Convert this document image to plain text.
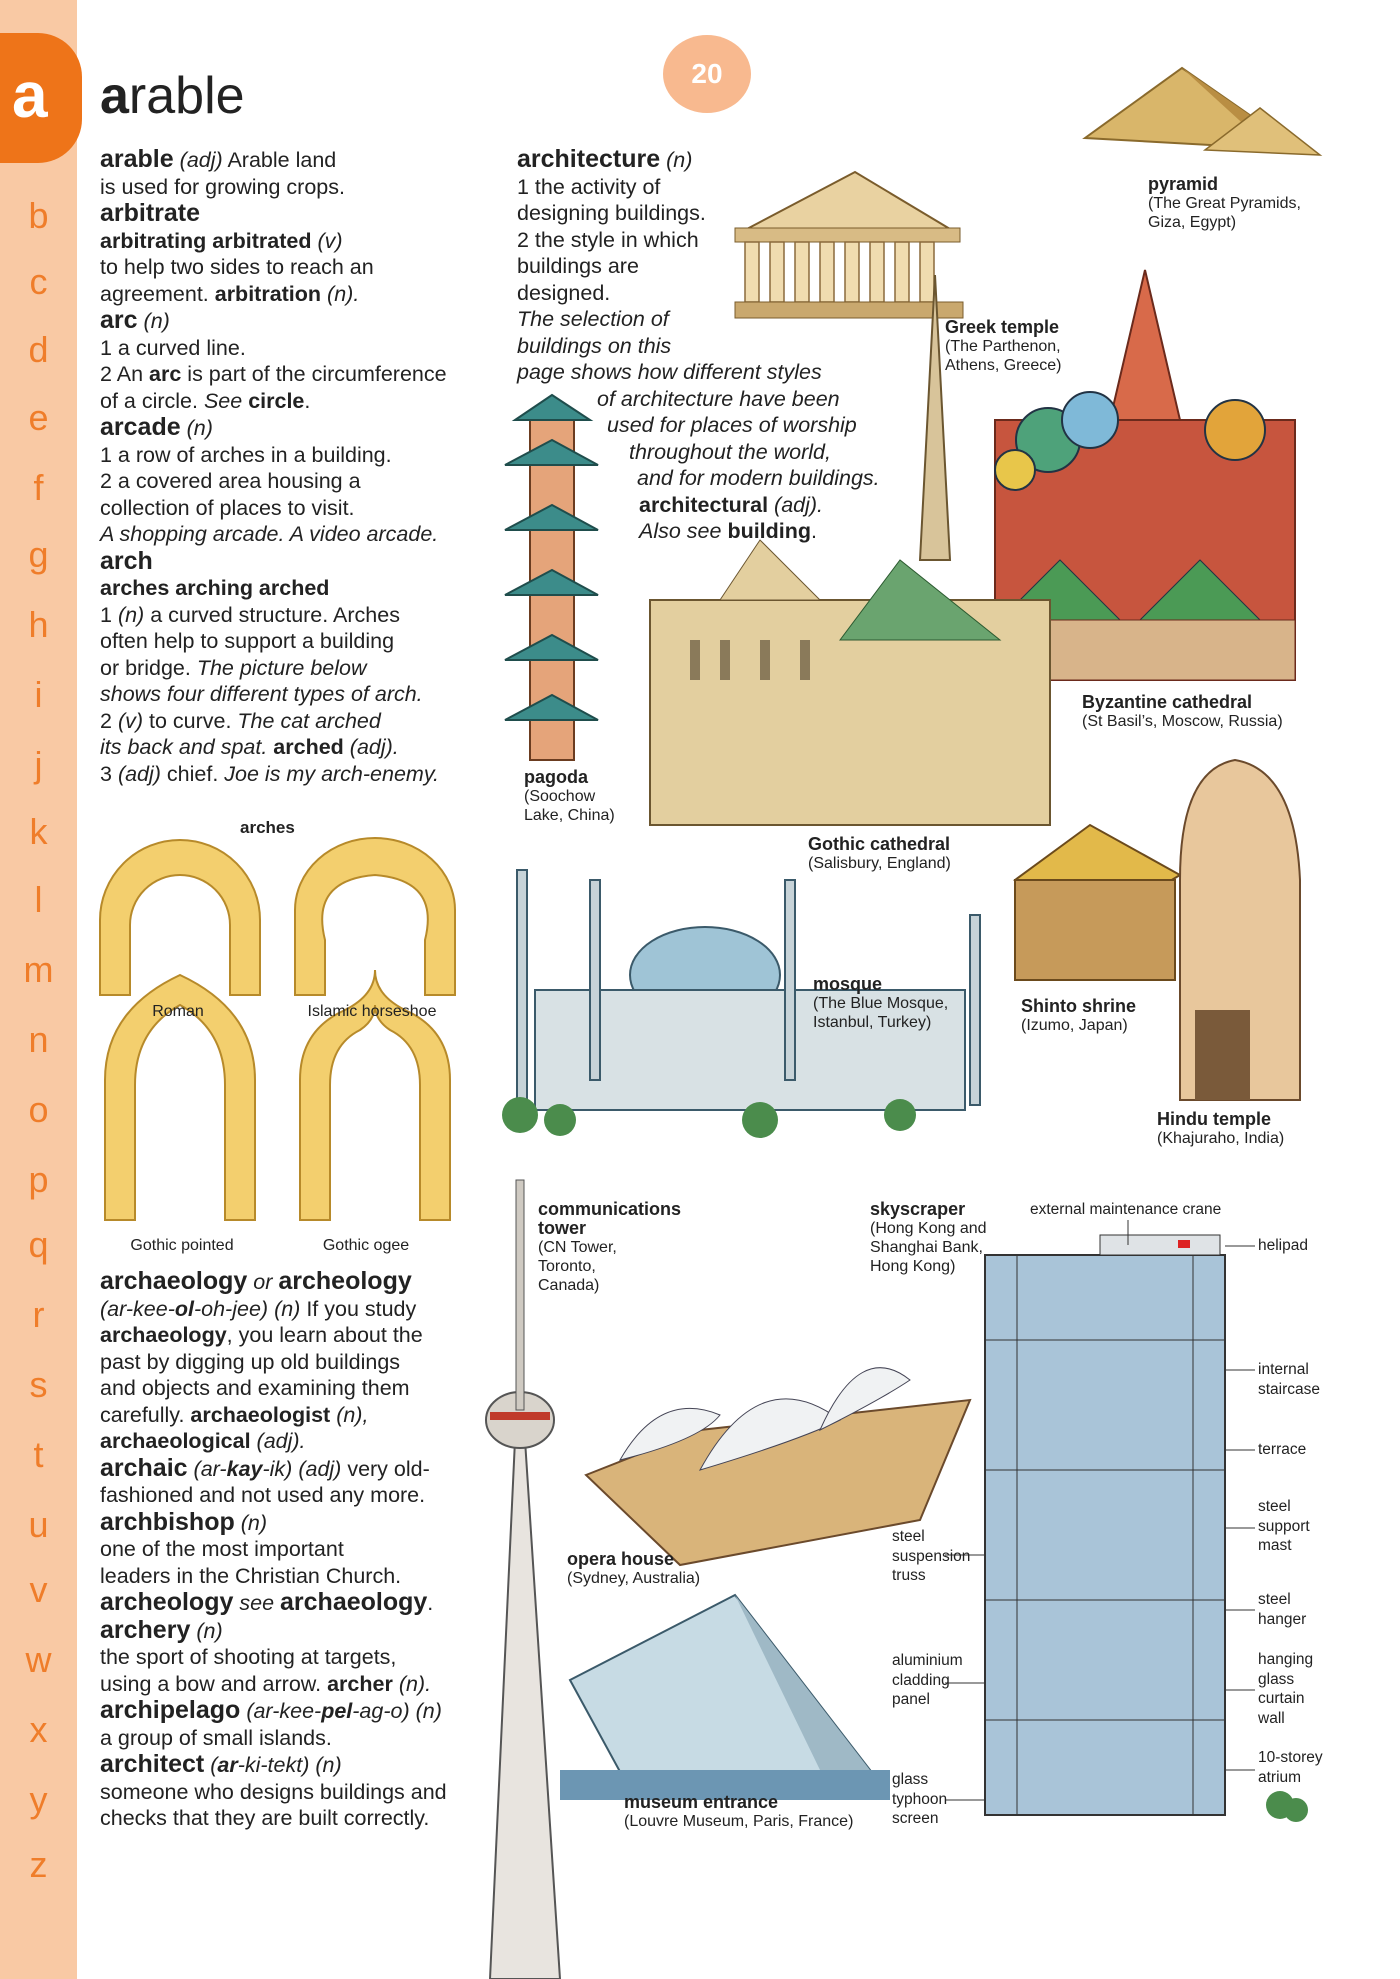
a
b
c
d
e
f
g
h
i
j
k
l
m
n
o
p
q
r
s
t
u
v
w
x
y
z
20
arable

arable (adj) Arable land
is used for growing crops.

arbitrate
arbitrating arbitrated (v)
to help two sides to reach an
agreement. arbitration (n).

arc (n)
1 a curved line.
2 An arc is part of the circumference
of a circle. See circle.

arcade (n)
1 a row of arches in a building.
2 a covered area housing a
collection of places to visit.
A shopping arcade. A video arcade.

arch
arches arching arched
1 (n) a curved structure. Arches
often help to support a building
or bridge. The picture below
shows four different types of arch.
2 (v) to curve. The cat arched
its back and spat. arched (adj).
3 (adj) chief. Joe is my arch-enemy.

arches
Roman	Islamic horseshoe
Gothic pointed	Gothic ogee

archaeology or archeology
(ar-kee-ol-oh-jee) (n) If you study
archaeology, you learn about the
past by digging up old buildings
and objects and examining them
carefully. archaeologist (n),
archaeological (adj).

archaic (ar-kay-ik) (adj) very old-
fashioned and not used any more.

archbishop (n)
one of the most important
leaders in the Christian Church.

archeology see archaeology.

archery (n)
the sport of shooting at targets,
using a bow and arrow. archer (n).

archipelago (ar-kee-pel-ag-o) (n)
a group of small islands.

architect (ar-ki-tekt) (n)
someone who designs buildings and
checks that they are built correctly.

architecture (n)

1 the activity of

designing buildings.

2 the style in which

buildings are

designed.

The selection of

buildings on this

page shows how different styles

of architecture have been

used for places of worship

throughout the world,

and for modern buildings.

architectural (adj).

Also see building.

pyramid
(The Great Pyramids,
Giza, Egypt)
Greek temple
(The Parthenon,
Athens, Greece)
Byzantine cathedral
(St Basil’s, Moscow, Russia)
pagoda
(Soochow
Lake, China)
Gothic cathedral
(Salisbury, England)
mosque
(The Blue Mosque,
Istanbul, Turkey)
Shinto shrine
(Izumo, Japan)
Hindu temple
(Khajuraho, India)
communications
tower
(CN Tower,
Toronto,
Canada)
skyscraper
(Hong Kong and
Shanghai Bank,
Hong Kong)
opera house
(Sydney, Australia)
museum entrance
(Louvre Museum, Paris, France)
external maintenance crane
helipad
internal
staircase
terrace
steel
support
mast
steel
hanger
hanging
glass
curtain
wall
10-storey
atrium
steel
suspension
truss
aluminium
cladding
panel
glass
typhoon
screen
